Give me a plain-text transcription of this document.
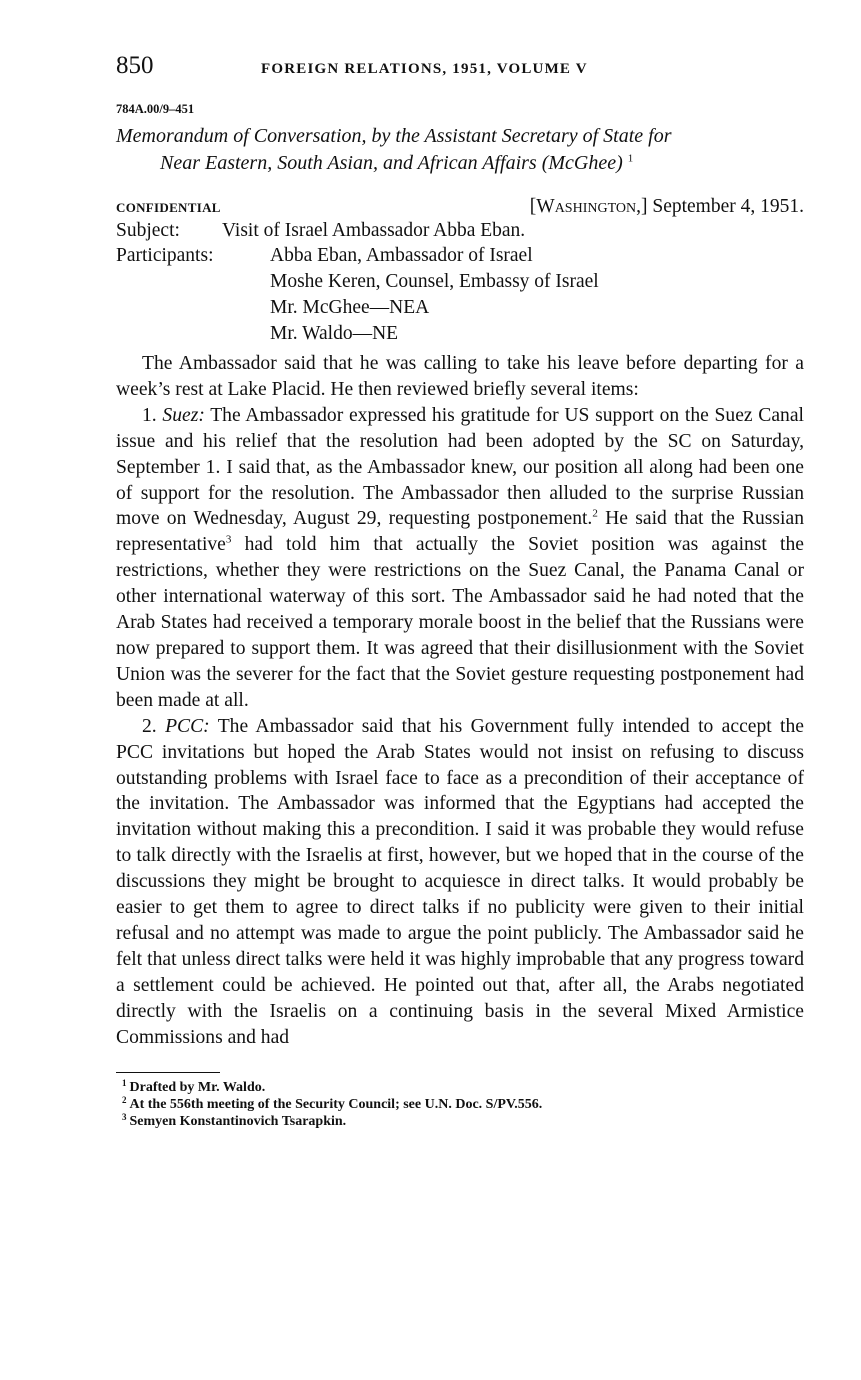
850	FOREIGN RELATIONS, 1951, VOLUME V
784A.00/9–451
Memorandum of Conversation, by the Assistant Secretary of State for
Near Eastern, South Asian, and African Affairs (McGhee) $^1$
CONFIDENTIAL	[Washington,] September 4, 1951.
Subject:	Visit of Israel Ambassador Abba Eban.
Participants:	Abba Eban, Ambassador of Israel
Moshe Keren, Counsel, Embassy of Israel
Mr. McGhee—NEA
Mr. Waldo—NE

The Ambassador said that he was calling to take his leave before departing for a week’s rest at Lake Placid. He then reviewed briefly several items:

1. Suez: The Ambassador expressed his gratitude for US support on the Suez Canal issue and his relief that the resolution had been adopted by the SC on Saturday, September 1. I said that, as the Ambassador knew, our position all along had been one of support for the resolution. The Ambassador then alluded to the surprise Russian move on Wednesday, August 29, requesting postponement.$^2$ He said that the Russian representative$^3$ had told him that actually the Soviet position was against the restrictions, whether they were restrictions on the Suez Canal, the Panama Canal or other international waterway of this sort. The Ambassador said he had noted that the Arab States had received a temporary morale boost in the belief that the Russians were now prepared to support them. It was agreed that their disillusionment with the Soviet Union was the severer for the fact that the Soviet gesture requesting postponement had been made at all.

2. PCC: The Ambassador said that his Government fully intended to accept the PCC invitations but hoped the Arab States would not insist on refusing to discuss outstanding problems with Israel face to face as a precondition of their acceptance of the invitation. The Ambassador was informed that the Egyptians had accepted the invitation without making this a precondition. I said it was probable they would refuse to talk directly with the Israelis at first, however, but we hoped that in the course of the discussions they might be brought to acquiesce in direct talks. It would probably be easier to get them to agree to direct talks if no publicity were given to their initial refusal and no attempt was made to argue the point publicly. The Ambassador said he felt that unless direct talks were held it was highly improbable that any progress toward a settlement could be achieved. He pointed out that, after all, the Arabs negotiated directly with the Israelis on a continuing basis in the several Mixed Armistice Commissions and had

$^1$ Drafted by Mr. Waldo.
$^2$ At the 556th meeting of the Security Council; see U.N. Doc. S/PV.556.
$^3$ Semyen Konstantinovich Tsarapkin.
